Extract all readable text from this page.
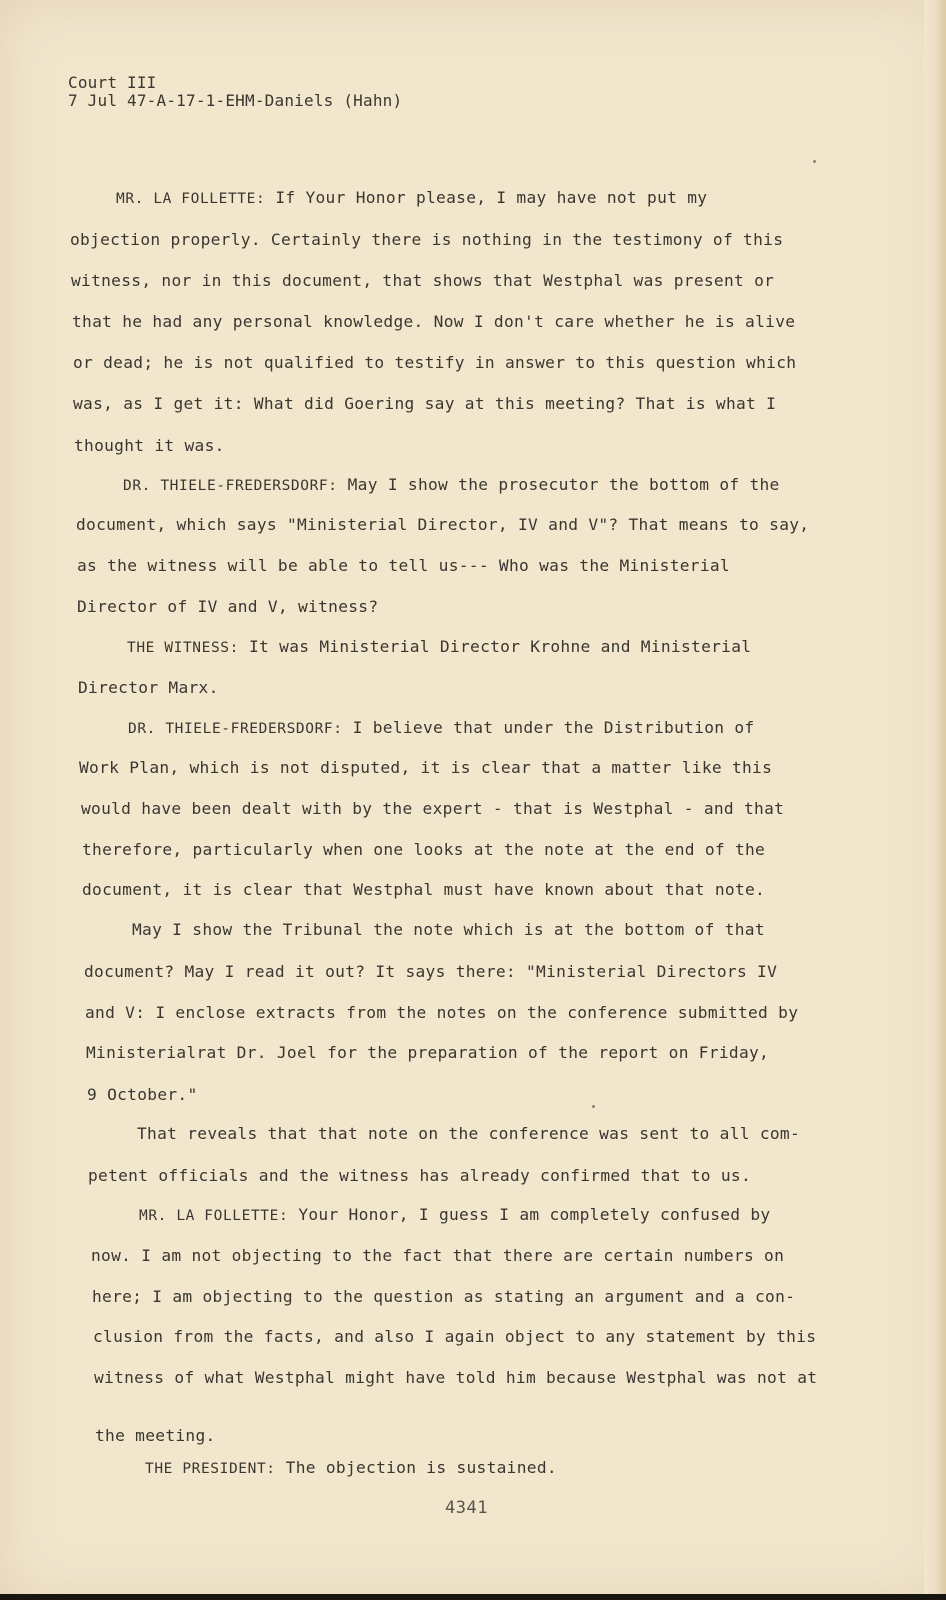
Court III
7 Jul 47-A-17-1-EHM-Daniels (Hahn)
MR. LA FOLLETTE: If Your Honor please, I may have not put my
objection properly. Certainly there is nothing in the testimony of this
witness, nor in this document, that shows that Westphal was present or
that he had any personal knowledge. Now I don't care whether he is alive
or dead; he is not qualified to testify in answer to this question which
was, as I get it: What did Goering say at this meeting? That is what I
thought it was.
DR. THIELE-FREDERSDORF: May I show the prosecutor the bottom of the
document, which says "Ministerial Director, IV and V"? That means to say,
as the witness will be able to tell us--- Who was the Ministerial
Director of IV and V, witness?
THE WITNESS: It was Ministerial Director Krohne and Ministerial
Director Marx.
DR. THIELE-FREDERSDORF: I believe that under the Distribution of
Work Plan, which is not disputed, it is clear that a matter like this
would have been dealt with by the expert - that is Westphal - and that
therefore, particularly when one looks at the note at the end of the
document, it is clear that Westphal must have known about that note.
May I show the Tribunal the note which is at the bottom of that
document? May I read it out? It says there: "Ministerial Directors IV
and V: I enclose extracts from the notes on the conference submitted by
Ministerialrat Dr. Joel for the preparation of the report on Friday,
9 October."
That reveals that that note on the conference was sent to all com-
petent officials and the witness has already confirmed that to us.
MR. LA FOLLETTE: Your Honor, I guess I am completely confused by
now. I am not objecting to the fact that there are certain numbers on
here; I am objecting to the question as stating an argument and a con-
clusion from the facts, and also I again object to any statement by this
witness of what Westphal might have told him because Westphal was not at
the meeting.
THE PRESIDENT: The objection is sustained.
4341
